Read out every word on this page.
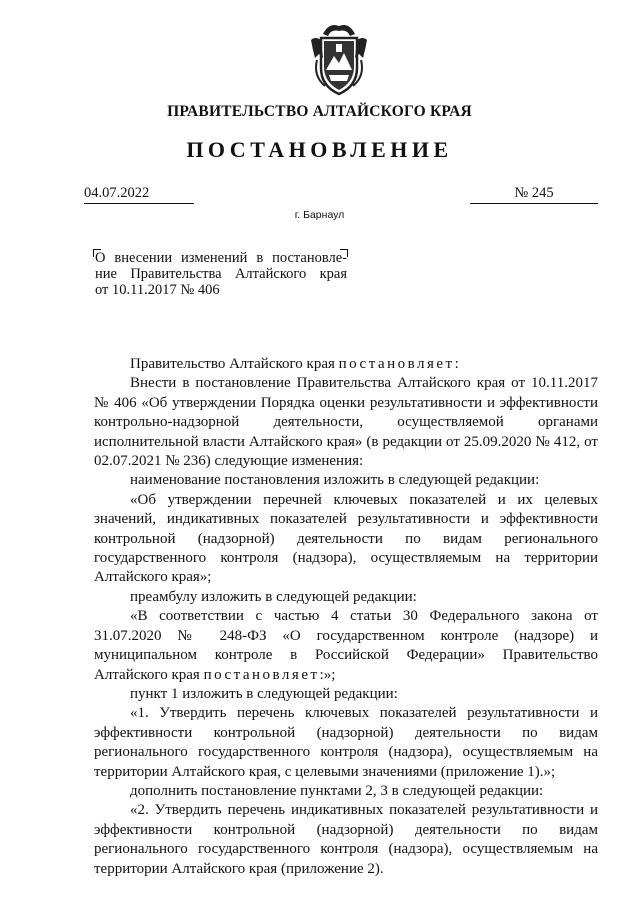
ПРАВИТЕЛЬСТВО АЛТАЙСКОГО КРАЯ
ПОСТАНОВЛЕНИЕ
04.07.2022	№ 245
г. Барнаул
О внесении изменений в постановле-
ние Правительства Алтайского края
от 10.11.2017 № 406

Правительство Алтайского края постановляет:

Внести в постановление Правительства Алтайского края от 10.11.2017 № 406 «Об утверждении Порядка оценки результативности и эффективности контрольно-надзорной деятельности, осуществляемой органами исполнительной власти Алтайского края» (в редакции от 25.09.2020 № 412, от 02.07.2021 № 236) следующие изменения:

наименование постановления изложить в следующей редакции:

«Об утверждении перечней ключевых показателей и их целевых значений, индикативных показателей результативности и эффективности контрольной (надзорной) деятельности по видам регионального государственного контроля (надзора), осуществляемым на территории Алтайского края»;

преамбулу изложить в следующей редакции:

«В соответствии с частью 4 статьи 30 Федерального закона от 31.07.2020 № 248-ФЗ «О государственном контроле (надзоре) и муниципальном контроле в Российской Федерации» Правительство Алтайского края постановляет:»;

пункт 1 изложить в следующей редакции:

«1. Утвердить перечень ключевых показателей результативности и эффективности контрольной (надзорной) деятельности по видам регионального государственного контроля (надзора), осуществляемым на территории Алтайского края, с целевыми значениями (приложение 1).»;

дополнить постановление пунктами 2, 3 в следующей редакции:

«2. Утвердить перечень индикативных показателей результативности и эффективности контрольной (надзорной) деятельности по видам регионального государственного контроля (надзора), осуществляемым на территории Алтайского края (приложение 2).
